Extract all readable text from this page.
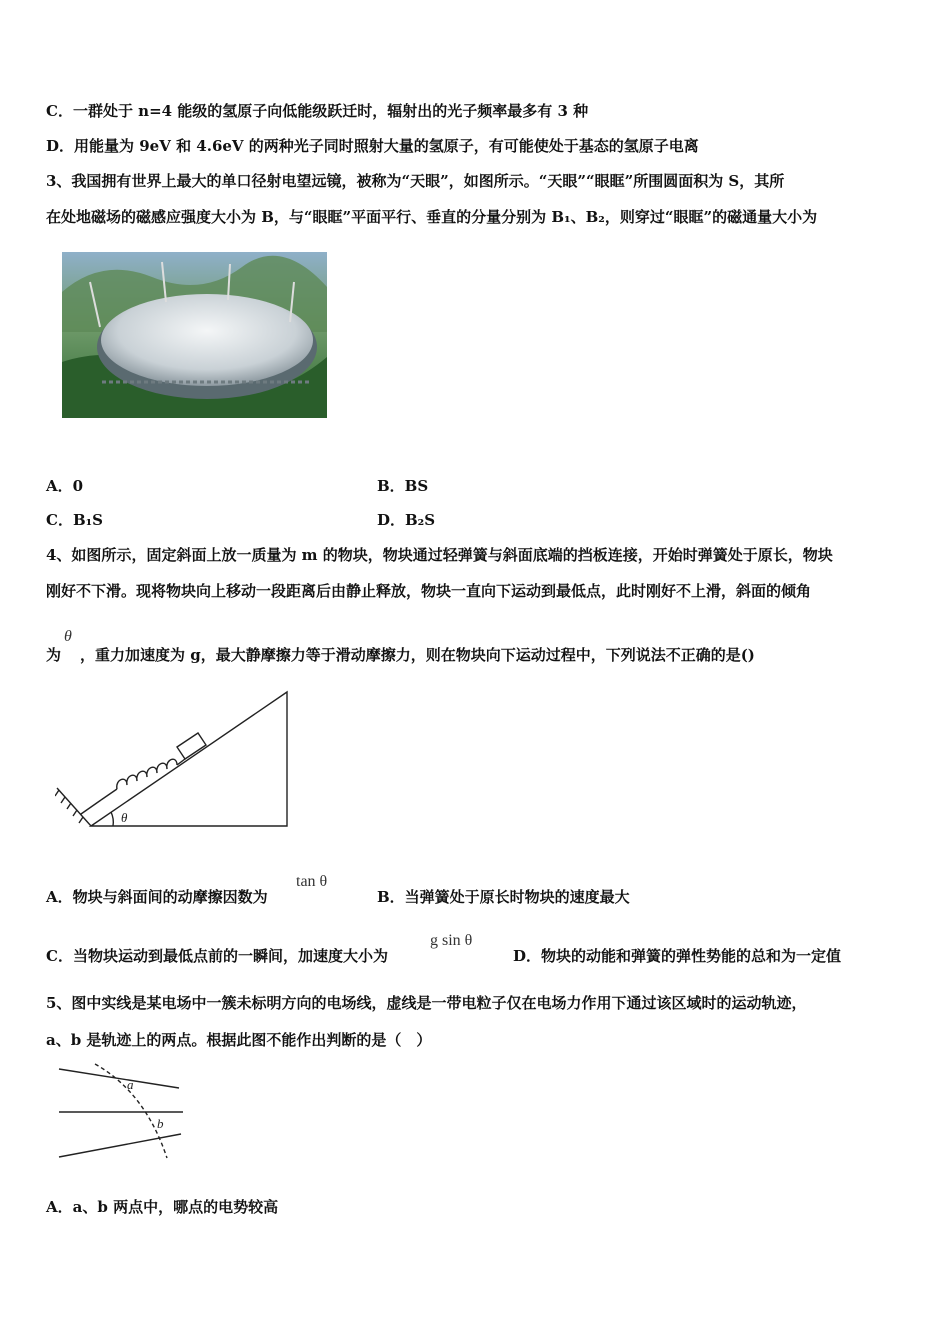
C．一群处于 n=4 能级的氢原子向低能级跃迁时，辐射出的光子频率最多有 3 种
D．用能量为 9eV 和 4.6eV 的两种光子同时照射大量的氢原子，有可能使处于基态的氢原子电离
3、我国拥有世界上最大的单口径射电望远镜，被称为“天眼”，如图所示。“天眼”“眼眶”所围圆面积为 S，其所
在处地磁场的磁感应强度大小为 B，与“眼眶”平面平行、垂直的分量分别为 B₁、B₂，则穿过“眼眶”的磁通量大小为
A．0	B．BS
C．B₁S	D．B₂S
4、如图所示，固定斜面上放一质量为 m 的物块，物块通过轻弹簧与斜面底端的挡板连接，开始时弹簧处于原长，物块
刚好不下滑。现将物块向上移动一段距离后由静止释放，物块一直向下运动到最低点，此时刚好不上滑，斜面的倾角
为
θ
，重力加速度为 g，最大静摩擦力等于滑动摩擦力，则在物块向下运动过程中，下列说法不正确的是()
θ
A．物块与斜面间的动摩擦因数为
tan θ
B．当弹簧处于原长时物块的速度最大
C．当物块运动到最低点前的一瞬间，加速度大小为
g sin θ
D．物块的动能和弹簧的弹性势能的总和为一定值
5、图中实线是某电场中一簇未标明方向的电场线，虚线是一带电粒子仅在电场力作用下通过该区域时的运动轨迹，
a、b 是轨迹上的两点。根据此图不能作出判断的是（　）
a
b
A．a、b 两点中，哪点的电势较高
